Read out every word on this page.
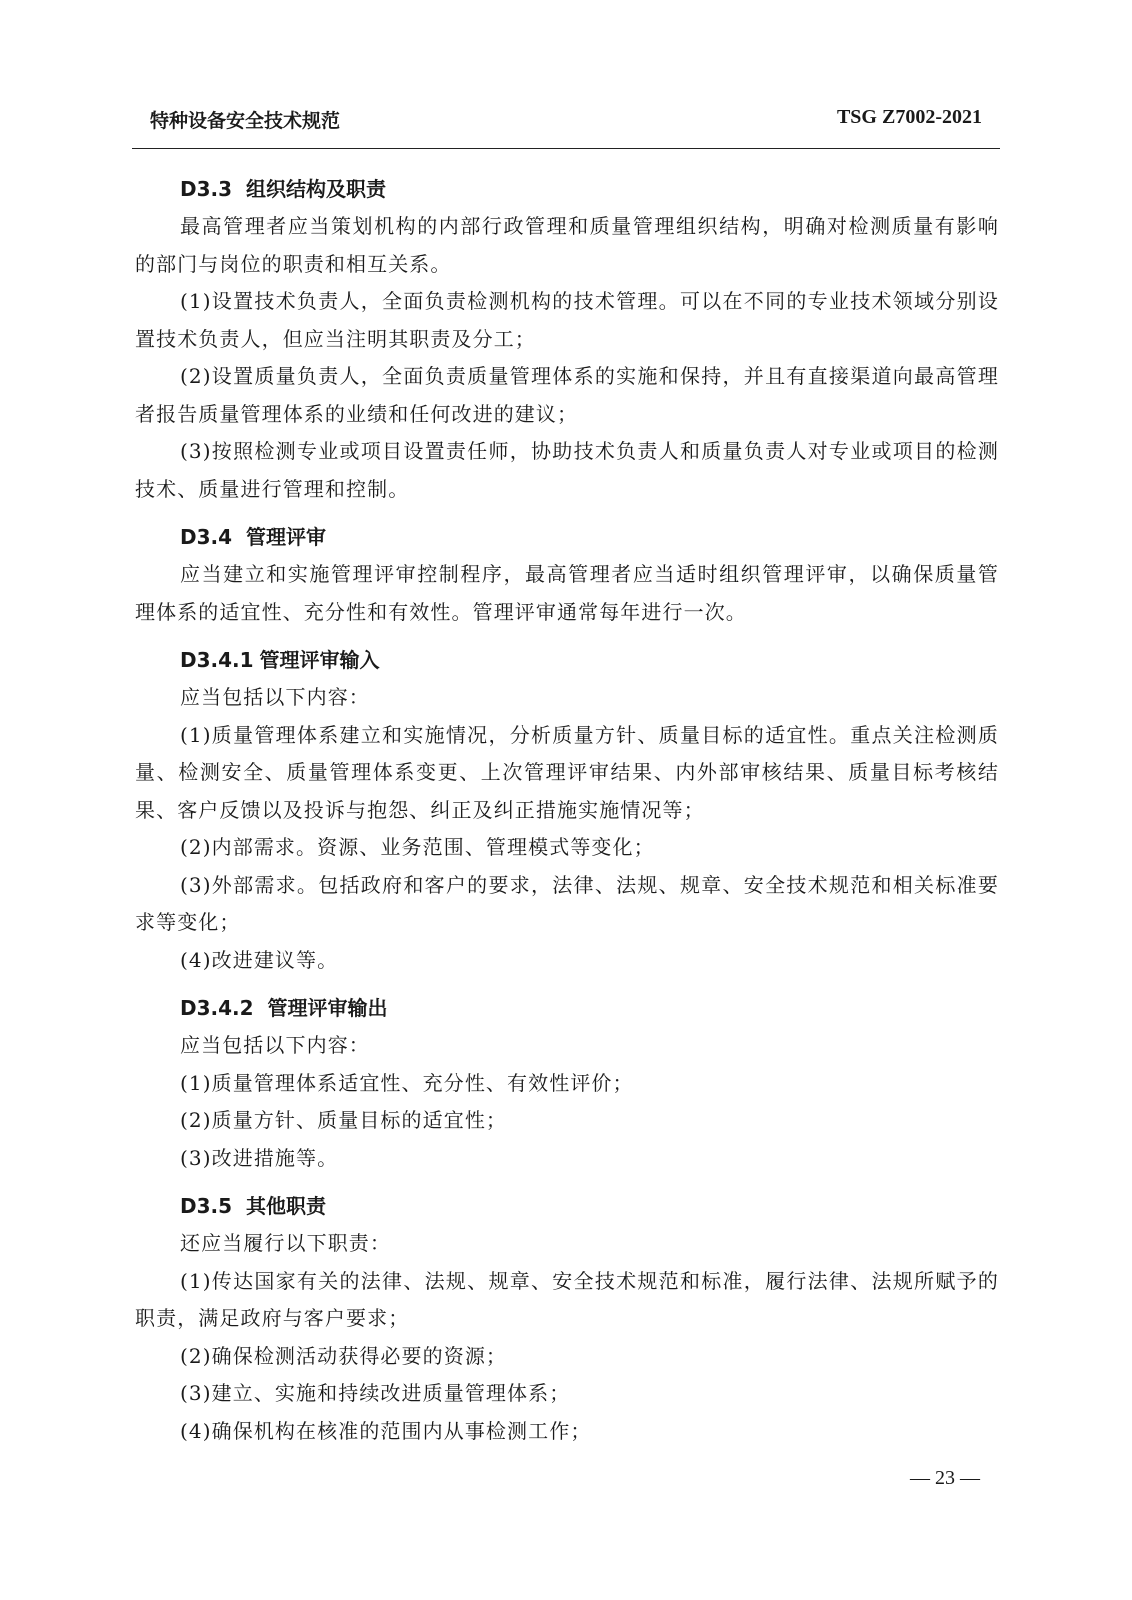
特种设备安全技术规范	TSG Z7002-2021
D3.3 组织结构及职责

最高管理者应当策划机构的内部行政管理和质量管理组织结构，明确对检测质量有影响的部门与岗位的职责和相互关系。

(1)设置技术负责人，全面负责检测机构的技术管理。可以在不同的专业技术领域分别设置技术负责人，但应当注明其职责及分工；

(2)设置质量负责人，全面负责质量管理体系的实施和保持，并且有直接渠道向最高管理者报告质量管理体系的业绩和任何改进的建议；

(3)按照检测专业或项目设置责任师，协助技术负责人和质量负责人对专业或项目的检测技术、质量进行管理和控制。

D3.4 管理评审

应当建立和实施管理评审控制程序，最高管理者应当适时组织管理评审，以确保质量管理体系的适宜性、充分性和有效性。管理评审通常每年进行一次。

D3.4.1 管理评审输入

应当包括以下内容：

(1)质量管理体系建立和实施情况，分析质量方针、质量目标的适宜性。重点关注检测质量、检测安全、质量管理体系变更、上次管理评审结果、内外部审核结果、质量目标考核结果、客户反馈以及投诉与抱怨、纠正及纠正措施实施情况等；

(2)内部需求。资源、业务范围、管理模式等变化；

(3)外部需求。包括政府和客户的要求，法律、法规、规章、安全技术规范和相关标准要求等变化；

(4)改进建议等。

D3.4.2 管理评审输出

应当包括以下内容：

(1)质量管理体系适宜性、充分性、有效性评价；

(2)质量方针、质量目标的适宜性；

(3)改进措施等。

D3.5 其他职责

还应当履行以下职责：

(1)传达国家有关的法律、法规、规章、安全技术规范和标准，履行法律、法规所赋予的职责，满足政府与客户要求；

(2)确保检测活动获得必要的资源；

(3)建立、实施和持续改进质量管理体系；

(4)确保机构在核准的范围内从事检测工作；

— 23 —
